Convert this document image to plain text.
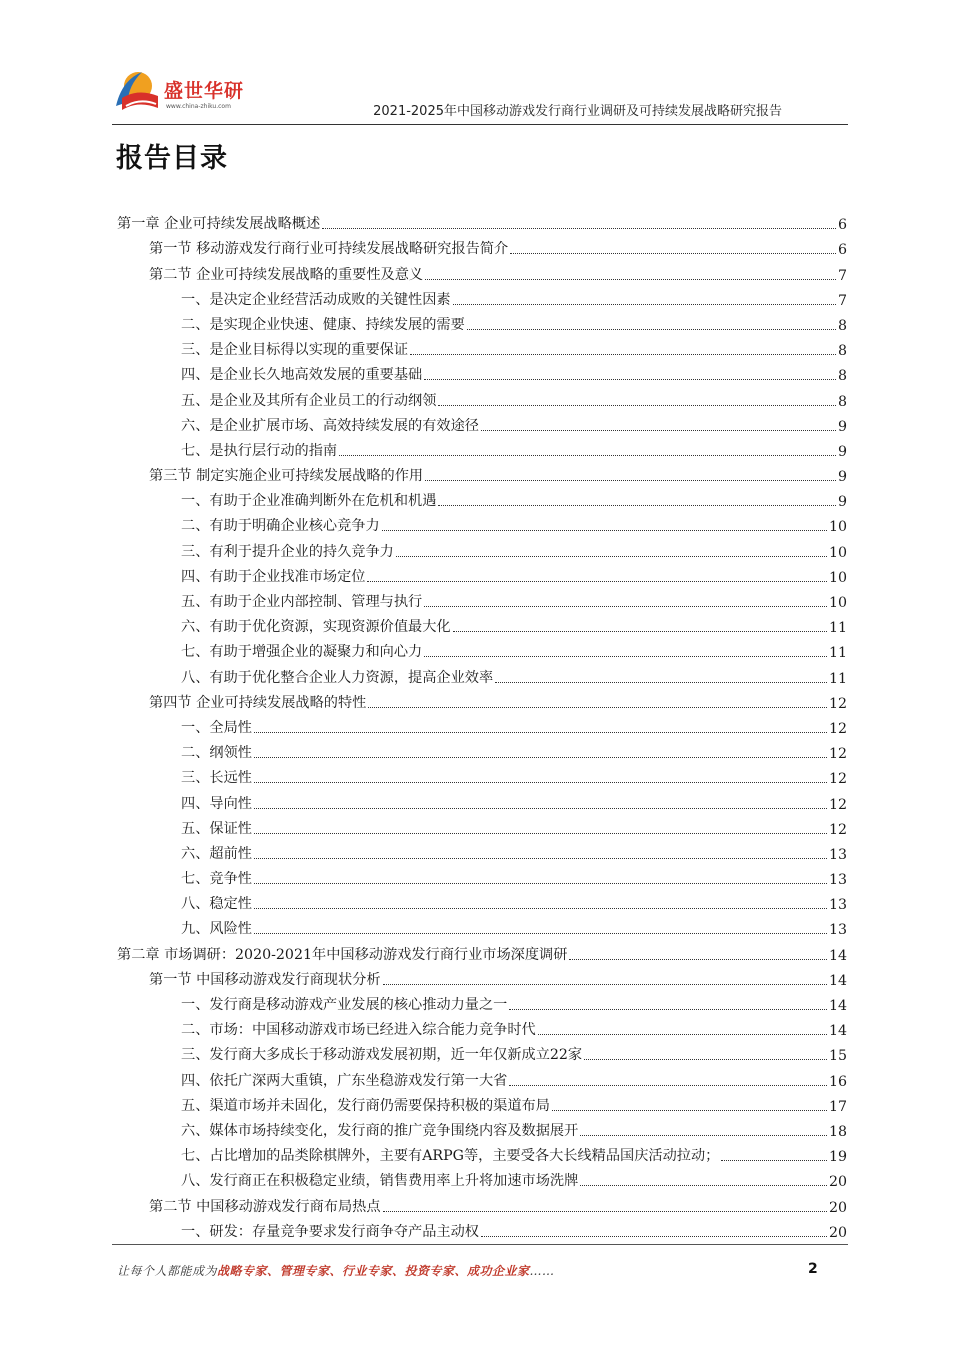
盛世华研
www.china-zhiku.com	2021-2025年中国移动游戏发行商行业调研及可持续发展战略研究报告
报告目录
第一章 企业可持续发展战略概述	6
第一节 移动游戏发行商行业可持续发展战略研究报告简介	6
第二节 企业可持续发展战略的重要性及意义	7
一、是决定企业经营活动成败的关键性因素	7
二、是实现企业快速、健康、持续发展的需要	8
三、是企业目标得以实现的重要保证	8
四、是企业长久地高效发展的重要基础	8
五、是企业及其所有企业员工的行动纲领	8
六、是企业扩展市场、高效持续发展的有效途径	9
七、是执行层行动的指南	9
第三节 制定实施企业可持续发展战略的作用	9
一、有助于企业准确判断外在危机和机遇	9
二、有助于明确企业核心竞争力	10
三、有利于提升企业的持久竞争力	10
四、有助于企业找准市场定位	10
五、有助于企业内部控制、管理与执行	10
六、有助于优化资源，实现资源价值最大化	11
七、有助于增强企业的凝聚力和向心力	11
八、有助于优化整合企业人力资源，提高企业效率	11
第四节 企业可持续发展战略的特性	12
一、全局性	12
二、纲领性	12
三、长远性	12
四、导向性	12
五、保证性	12
六、超前性	13
七、竞争性	13
八、稳定性	13
九、风险性	13
第二章 市场调研：2020-2021年中国移动游戏发行商行业市场深度调研	14
第一节 中国移动游戏发行商现状分析	14
一、发行商是移动游戏产业发展的核心推动力量之一	14
二、市场：中国移动游戏市场已经进入综合能力竞争时代	14
三、发行商大多成长于移动游戏发展初期，近一年仅新成立22家	15
四、依托广深两大重镇，广东坐稳游戏发行第一大省	16
五、渠道市场并未固化，发行商仍需要保持积极的渠道布局	17
六、媒体市场持续变化，发行商的推广竞争围绕内容及数据展开	18
七、占比增加的品类除棋牌外，主要有ARPG等，主要受各大长线精品国庆活动拉动；	19
八、发行商正在积极稳定业绩，销售费用率上升将加速市场洗牌	20
第二节 中国移动游戏发行商布局热点	20
一、研发：存量竞争要求发行商争夺产品主动权	20
让每个人都能成为战略专家、管理专家、行业专家、投资专家、成功企业家……	2
